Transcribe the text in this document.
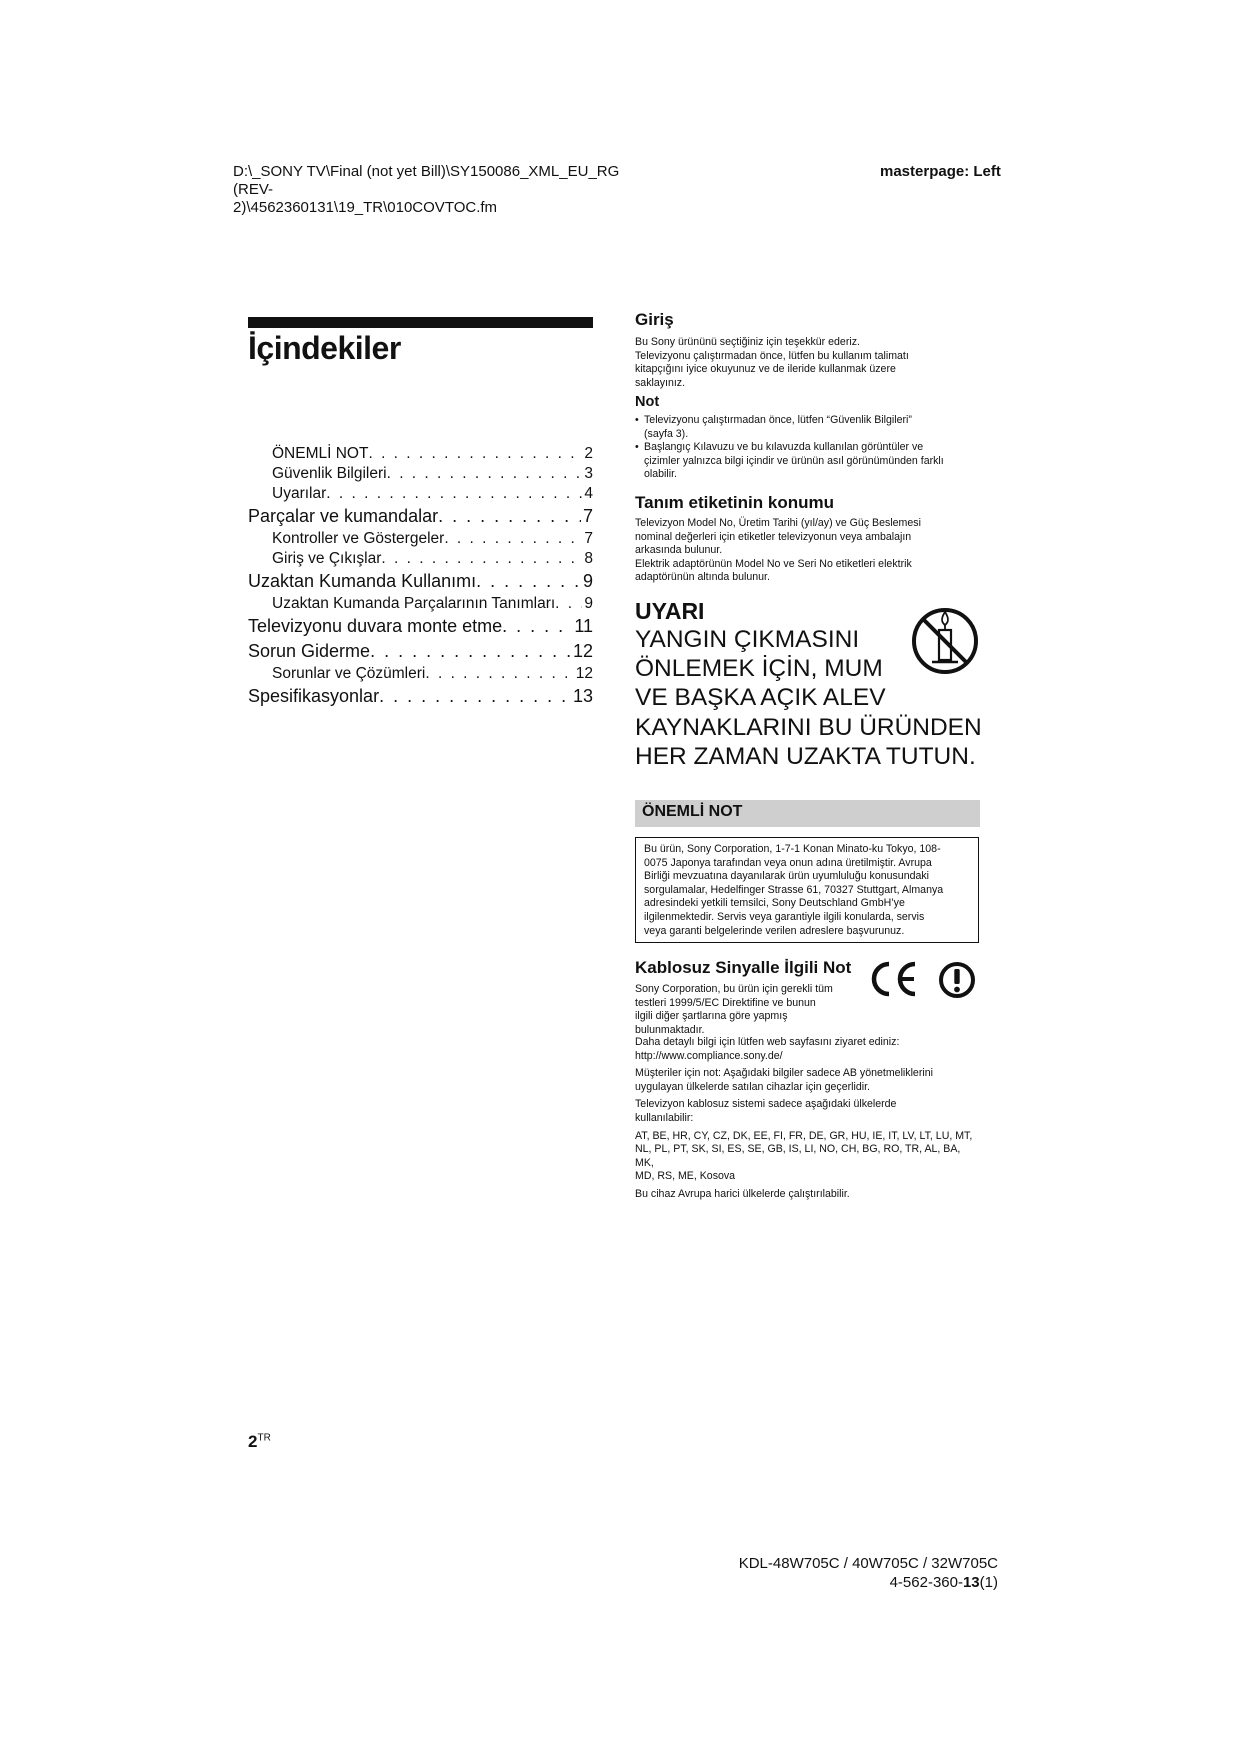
D:\_SONY TV\Final (not yet Bill)\SY150086_XML_EU_RG (REV-
2)\4562360131\19_TR\010COVTOC.fm
masterpage: Left
İçindekiler
ÖNEMLİ NOT . . .	2
Güvenlik Bilgileri . . .	3
Uyarılar . . .	4
Parçalar ve kumandalar . . .	7
Kontroller ve Göstergeler . . .	7
Giriş ve Çıkışlar . . .	8
Uzaktan Kumanda Kullanımı . . .	9
Uzaktan Kumanda Parçalarının Tanımları . . . 9
Televizyonu duvara monte etme . . .	11
Sorun Giderme . . .	12
Sorunlar ve Çözümleri . . .	12
Spesifikasyonlar . . .	13
Giriş
Bu Sony ürününü seçtiğiniz için teşekkür ederiz.
Televizyonu çalıştırmadan önce, lütfen bu kullanım talimatı
kitapçığını iyice okuyunuz ve de ileride kullanmak üzere
saklayınız.
Not
• Televizyonu çalıştırmadan önce, lütfen “Güvenlik Bilgileri”
(sayfa 3).
• Başlangıç Kılavuzu ve bu kılavuzda kullanılan görüntüler ve
çizimler yalnızca bilgi içindir ve ürünün asıl görünümünden farklı
olabilir.
Tanım etiketinin konumu
Televizyon Model No, Üretim Tarihi (yıl/ay) ve Güç Beslemesi
nominal değerleri için etiketler televizyonun veya ambalajın
arkasında bulunur.
Elektrik adaptörünün Model No ve Seri No etiketleri elektrik
adaptörünün altında bulunur.
UYARI
YANGIN ÇIKMASINI
ÖNLEMEK İÇİN, MUM
VE BAŞKA AÇIK ALEV
KAYNAKLARINI BU ÜRÜNDEN
HER ZAMAN UZAKTA TUTUN.
ÖNEMLİ NOT
Bu ürün, Sony Corporation, 1-7-1 Konan Minato-ku Tokyo, 108-
0075 Japonya tarafından veya onun adına üretilmiştir. Avrupa
Birliği mevzuatına dayanılarak ürün uyumluluğu konusundaki
sorgulamalar, Hedelfinger Strasse 61, 70327 Stuttgart, Almanya
adresindeki yetkili temsilci, Sony Deutschland GmbH’ye
ilgilenmektedir. Servis veya garantiyle ilgili konularda, servis
veya garanti belgelerinde verilen adreslere başvurunuz.
Kablosuz Sinyalle İlgili Not
Sony Corporation, bu ürün için gerekli tüm
testleri 1999/5/EC Direktifine ve bunun
ilgili diğer şartlarına göre yapmış
bulunmaktadır.

Daha detaylı bilgi için lütfen web sayfasını ziyaret ediniz:
http://www.compliance.sony.de/

Müşteriler için not: Aşağıdaki bilgiler sadece AB yönetmeliklerini
uygulayan ülkelerde satılan cihazlar için geçerlidir.

Televizyon kablosuz sistemi sadece aşağıdaki ülkelerde
kullanılabilir:

AT, BE, HR, CY, CZ, DK, EE, FI, FR, DE, GR, HU, IE, IT, LV, LT, LU, MT,
NL, PL, PT, SK, SI, ES, SE, GB, IS, LI, NO, CH, BG, RO, TR, AL, BA, MK,
MD, RS, ME, Kosova

Bu cihaz Avrupa harici ülkelerde çalıştırılabilir.

$2^{TR}$
KDL-48W705C / 40W705C / 32W705C
4-562-360-13(1)
